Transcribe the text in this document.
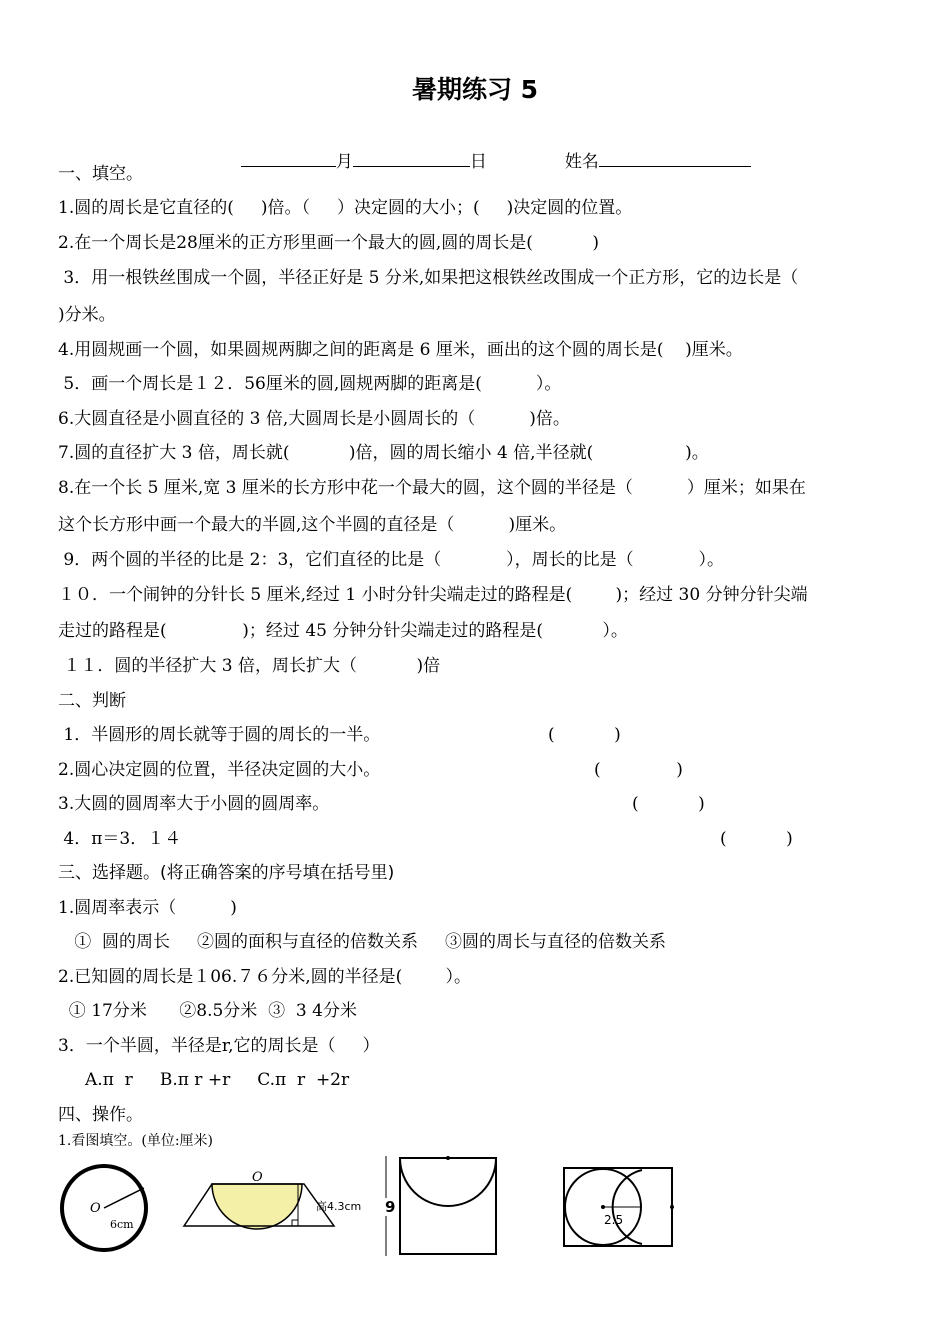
暑期练习 5

月	日	姓名

一、填空。
1.圆的周长是它直径的(     )倍。（     ）决定圆的大小；(     )决定圆的位置。
2.在一个周长是28厘米的正方形里画一个最大的圆,圆的周长是(           )
3．用一根铁丝围成一个圆，半径正好是 5 分米,如果把这根铁丝改围成一个正方形，它的边长是（
)分米。
4.用圆规画一个圆，如果圆规两脚之间的距离是 6 厘米，画出的这个圆的周长是(    )厘米。
5．画一个周长是１２．56厘米的圆,圆规两脚的距离是(          ）。
6.大圆直径是小圆直径的 3 倍,大圆周长是小圆周长的（          )倍。
7.圆的直径扩大 3 倍，周长就(           )倍，圆的周长缩小 4 倍,半径就(                 )。
8.在一个长 5 厘米,宽 3 厘米的长方形中花一个最大的圆，这个圆的半径是（          ）厘米；如果在
这个长方形中画一个最大的半圆,这个半圆的直径是（          )厘米。
9．两个圆的半径的比是 2：3，它们直径的比是（            ），周长的比是（            ）。
１０．一个闹钟的分针长 5 厘米,经过 1 小时分针尖端走过的路程是(        )；经过 30 分钟分针尖端
走过的路程是(              )；经过 45 分钟分针尖端走过的路程是(           ）。
１１．圆的半径扩大 3 倍，周长扩大（           )倍
二、判断
1．半圆形的周长就等于圆的周长的一半。	(           )
2.圆心决定圆的位置，半径决定圆的大小。	(              )
3.大圆的圆周率大于小圆的圆周率。	(           )
4．π＝3．１４	(           )
三、选择题。(将正确答案的序号填在括号里)
1.圆周率表示（          )
①  圆的周长     ②圆的面积与直径的倍数关系     ③圆的周长与直径的倍数关系
2.已知圆的周长是１06.７６分米,圆的半径是(        ）。
① 17分米      ②8.5分米  ③  3 4分米
3．一个半圆，半径是r,它的周长是（     ）
A.π  r     B.π r +r     C.π  r  +2r
四、操作。
1.看图填空。(单位:厘米)
O
6cm
O
高4.3cm 9
2.5
